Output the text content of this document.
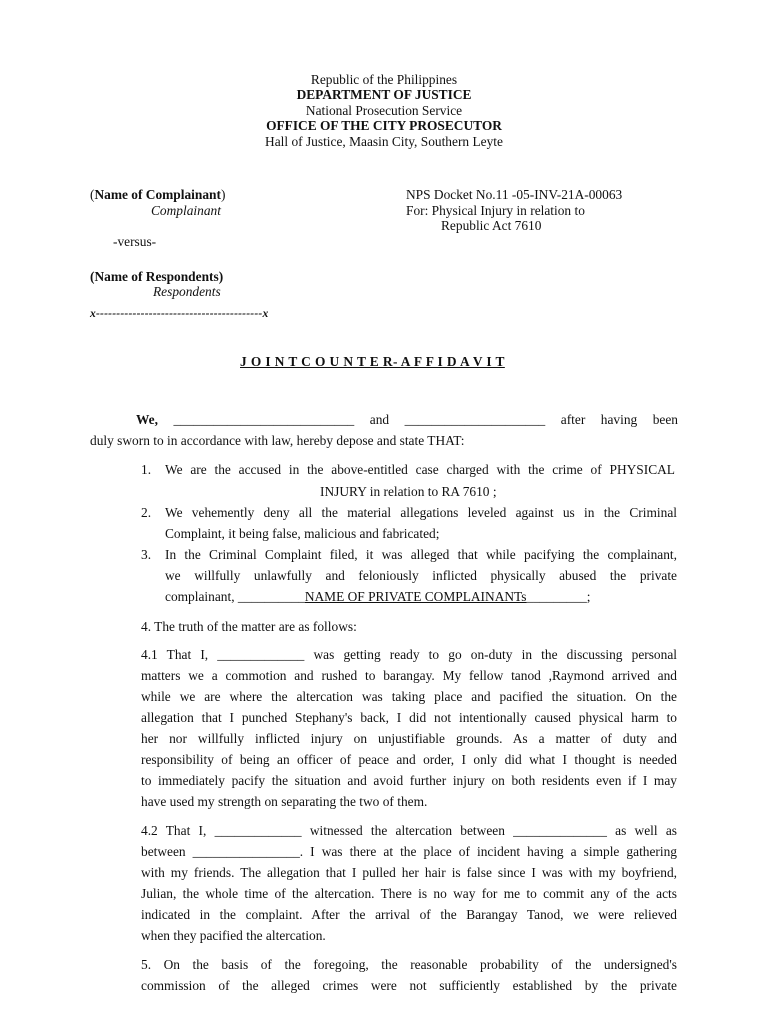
Republic of the Philippines
DEPARTMENT OF JUSTICE
National Prosecution Service
OFFICE OF THE CITY PROSECUTOR
Hall of Justice, Maasin City, Southern Leyte
(Name of Complainant)
Complainant
-versus-
(Name of Respondents)
Respondents
x-----------------------------------------x
NPS Docket No.11 -05-INV-21A-00063
For: Physical Injury in relation to
Republic Act 7610
J O I N T C O U N T E R- A F F I D A V I T
We, ___________________________ and _____________________ after having been
duly sworn to in accordance with law, hereby depose and state THAT:
1. We are the accused in the above-entitled case charged with the crime of PHYSICAL
INJURY in relation to RA 7610 ;
2. We vehemently deny all the material allegations leveled against us in the Criminal
Complaint, it being false, malicious and fabricated;
3. In the Criminal Complaint filed, it was alleged that while pacifying the complainant,
we willfully unlawfully and feloniously inflicted physically abused the private
complainant, __________NAME OF PRIVATE COMPLAINANTs_________;
4. The truth of the matter are as follows:
4.1 That I, _____________ was getting ready to go on-duty in the discussing personal
matters we a commotion and rushed to barangay. My fellow tanod ,Raymond arrived and
while we are where the altercation was taking place and pacified the situation. On the
allegation that I punched Stephany's back, I did not intentionally caused physical harm to
her nor willfully inflicted injury on unjustifiable grounds. As a matter of duty and
responsibility of being an officer of peace and order, I only did what I thought is needed
to immediately pacify the situation and avoid further injury on both residents even if I may
have used my strength on separating the two of them.
4.2 That I, _____________ witnessed the altercation between ______________ as well as
between ________________. I was there at the place of incident having a simple gathering
with my friends. The allegation that I pulled her hair is false since I was with my boyfriend,
Julian, the whole time of the altercation. There is no way for me to commit any of the acts
indicated in the complaint. After the arrival of the Barangay Tanod, we were relieved
when they pacified the altercation.
5. On the basis of the foregoing, the reasonable probability of the undersigned's
commission of the alleged crimes were not sufficiently established by the private
